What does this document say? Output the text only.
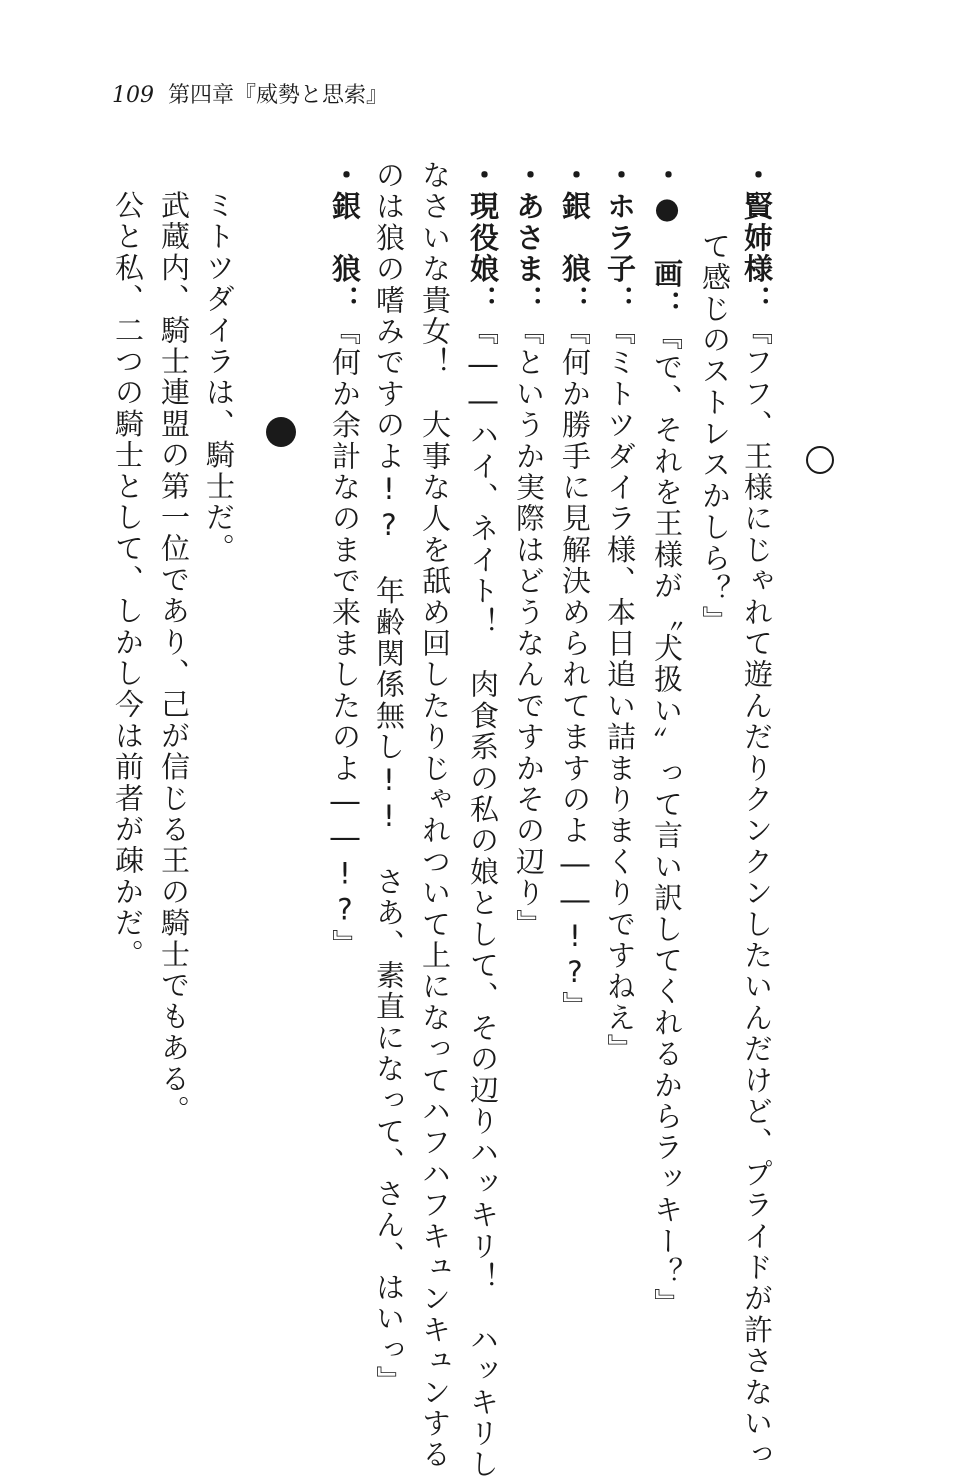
109 第四章『威勢と思索』
・賢姉様：『フフ、王様にじゃれて遊んだりクンクンしたいんだけど、プライドが許さないっ
て感じのストレスかしら？』
・●　画：『で、それを王様が〝犬扱い〟って言い訳してくれるからラッキー？』
・ホラ子：『ミトツダイラ様、本日追い詰まりまくりですねえ』
・銀　狼：『何か勝手に見解決められてますのよ――!?』
・あさま：『というか実際はどうなんですかその辺り』
・現役娘：『――ハイ、ネイト！　肉食系の私の娘として、その辺りハッキリ！　ハッキリし
なさいな貴女！　大事な人を舐め回したりじゃれついて上になってハフハフキュンキュンする
のは狼の嗜みですのよ!?　年齢関係無し!!　さあ、素直になって、さん、はいっ』
・銀　狼：『何か余計なのまで来ましたのよ――!?』
ミトツダイラは、騎士だ。
武蔵内、騎士連盟の第一位であり、己が信じる王の騎士でもある。
公と私、二つの騎士として、しかし今は前者が疎かだ。
